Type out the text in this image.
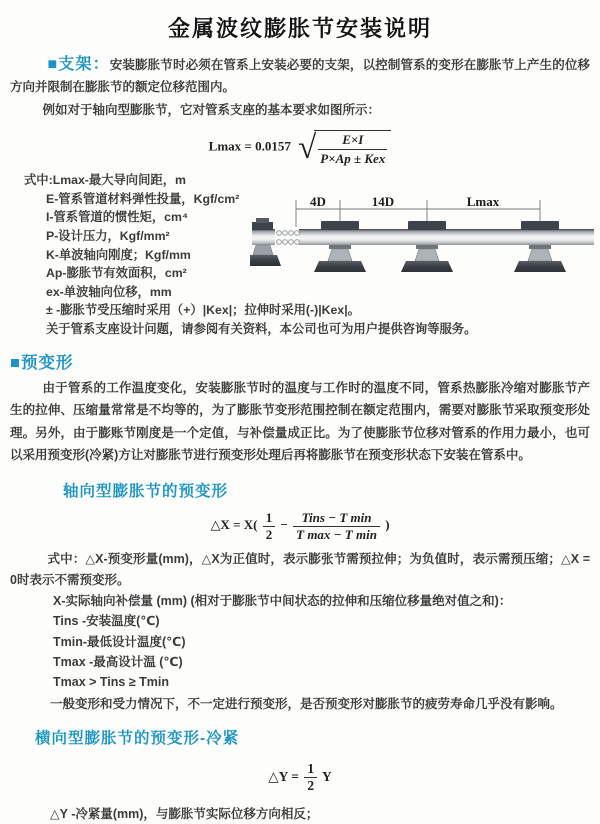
金属波纹膨胀节安装说明

■支架：安装膨胀节时必须在管系上安装必要的支架，以控制管系的变形在膨胀节上产生的位移方向并限制在膨胀节的额定位移范围内。

例如对于轴向型膨胀节，它对管系支座的基本要求如图所示：

Lmax = 0.0157 √
$\frac{E\times I}{\text{P×Ap ± Kex}}$
式中:Lmax-最大导向间距，m
E-管系管道材料弹性投量，Kgf/cm²
I-管系管道的惯性矩，cm⁴
P-设计压力，Kgf/mm²
K-单波轴向刚度；Kgf/mm
Ap-膨胀节有效面积，cm²
ex-单波轴向位移，mm
± -膨胀节受压缩时采用（+）|Kex|；拉伸时采用(-)|Kex|。
关于管系支座设计问题，请参阅有关资料，本公司也可为用户提供咨询等服务。
4D	14D	Lmax
■预变形

由于管系的工作温度变化，安装膨胀节时的温度与工作时的温度不同，管系热膨胀冷缩对膨胀节产生的拉伸、压缩量常常是不均等的，为了膨胀节变形范围控制在额定范围内，需要对膨胀节采取预变形处理。另外，由于膨账节刚度是一个定值，与补偿量成正比。为了使膨胀节位移对管系的作用力最小，也可以采用预变形(冷紧)方让对膨胀节进行预变形处理后再将膨胀节在预变形状态下安装在管系中。

轴向型膨胀节的预变形
△X = $X( \frac{1}{2} - \frac{\text{Tins − T min}}{\text{T max − T min}}$ )

式中：△X-预变形量(mm)，△X为正值时，表示膨张节需预拉伸；为负值时，表示需预压缩；△X = 0时表示不需预变形。

X-实际轴向补偿量 (mm) (相对于膨胀节中间状态的拉伸和压缩位移量绝对值之和)：
Tins -安装温度(℃)
Tmin-最低设计温度(℃)
Tmax -最高设计温 (℃)
Tmax > Tins ≥ Tmin

一般变形和受力情况下，不一定进行预变形，是否预变形对膨胀节的疲劳寿命几乎没有影响。

横向型膨胀节的预变形-冷紧
△Y = $\frac{1}{2}$ Y

△Y -冷紧量(mm)，与膨胀节实际位移方向相反；
